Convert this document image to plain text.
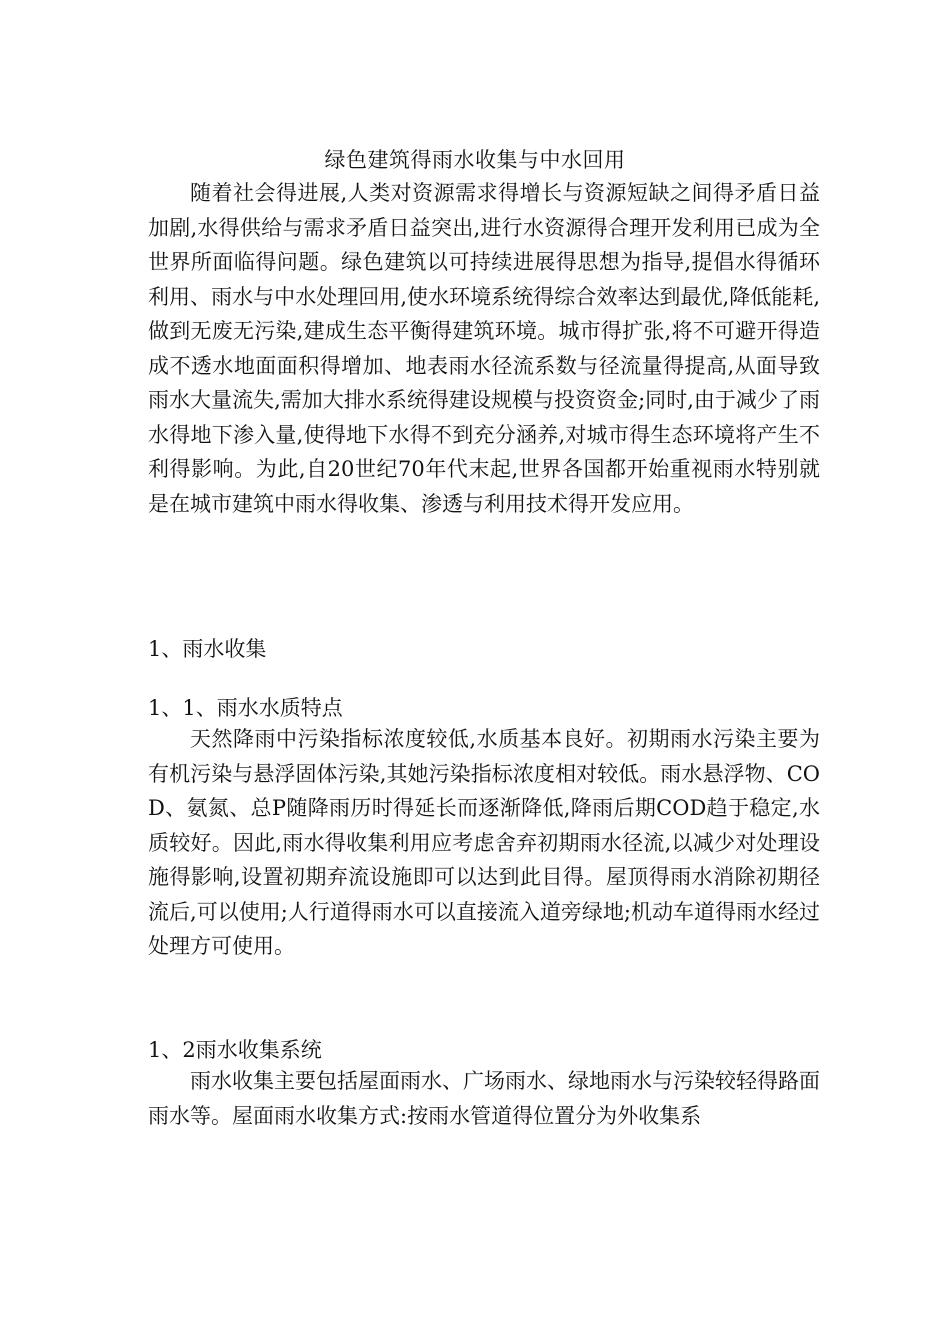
绿色建筑得雨水收集与中水回用

随着社会得进展,人类对资源需求得增长与资源短缺之间得矛盾日益加剧,水得供给与需求矛盾日益突出,进行水资源得合理开发利用已成为全世界所面临得问题。绿色建筑以可持续进展得思想为指导,提倡水得循环利用、雨水与中水处理回用,使水环境系统得综合效率达到最优,降低能耗,做到无废无污染,建成生态平衡得建筑环境。城市得扩张,将不可避开得造成不透水地面面积得增加、地表雨水径流系数与径流量得提高,从面导致雨水大量流失,需加大排水系统得建设规模与投资资金;同时,由于减少了雨水得地下渗入量,使得地下水得不到充分涵养,对城市得生态环境将产生不利得影响。为此,自20世纪70年代末起,世界各国都开始重视雨水特别就是在城市建筑中雨水得收集、渗透与利用技术得开发应用。

1、雨水收集
1、1、雨水水质特点

天然降雨中污染指标浓度较低,水质基本良好。初期雨水污染主要为有机污染与悬浮固体污染,其她污染指标浓度相对较低。雨水悬浮物、COD、氨氮、总P随降雨历时得延长而逐渐降低,降雨后期COD趋于稳定,水质较好。因此,雨水得收集利用应考虑舍弃初期雨水径流,以减少对处理设施得影响,设置初期弃流设施即可以达到此目得。屋顶得雨水消除初期径流后,可以使用;人行道得雨水可以直接流入道旁绿地;机动车道得雨水经过处理方可使用。

1、2雨水收集系统

雨水收集主要包括屋面雨水、广场雨水、绿地雨水与污染较轻得路面雨水等。屋面雨水收集方式:按雨水管道得位置分为外收集系
